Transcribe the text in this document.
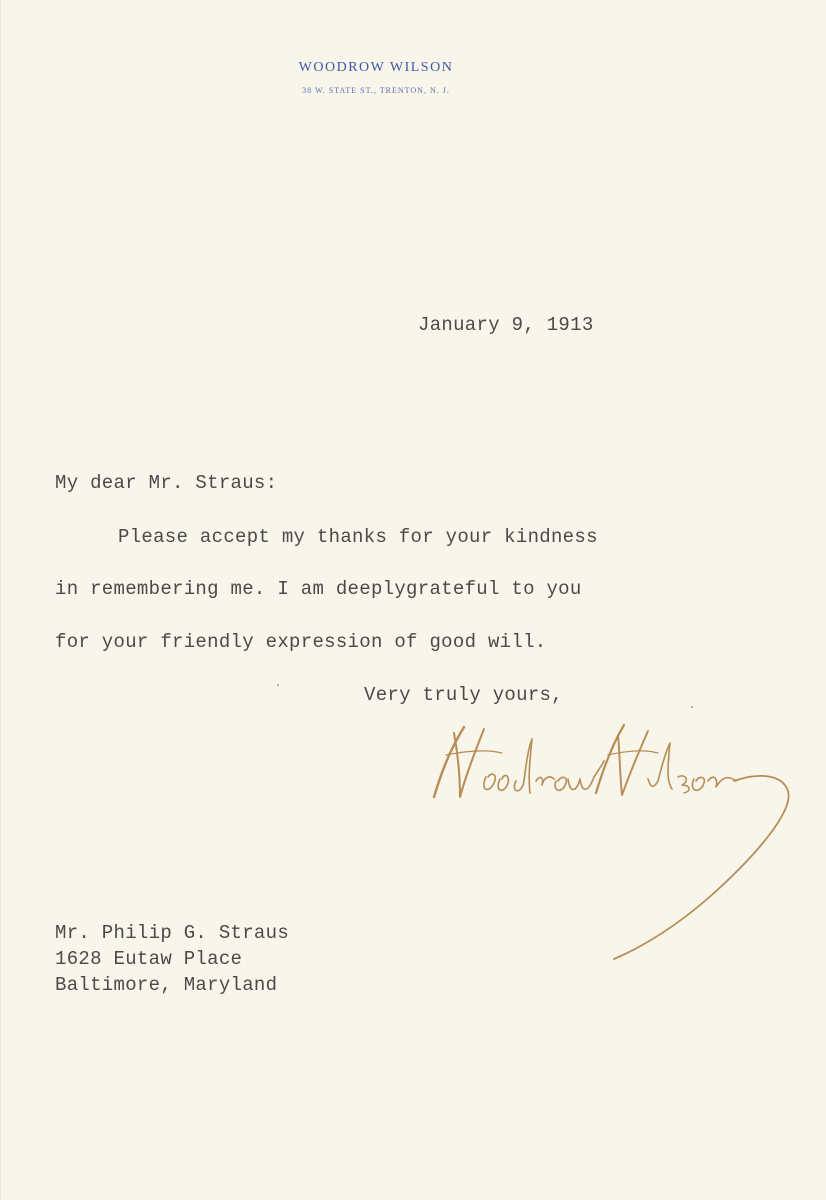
WOODROW WILSON
38 W. STATE ST., TRENTON, N. J.
January 9, 1913
My dear Mr. Straus:
Please accept my thanks for your kindness
in remembering me. I am deeplygrateful to you
for your friendly expression of good will.
Very truly yours,
Mr. Philip G. Straus
1628 Eutaw Place
Baltimore, Maryland
